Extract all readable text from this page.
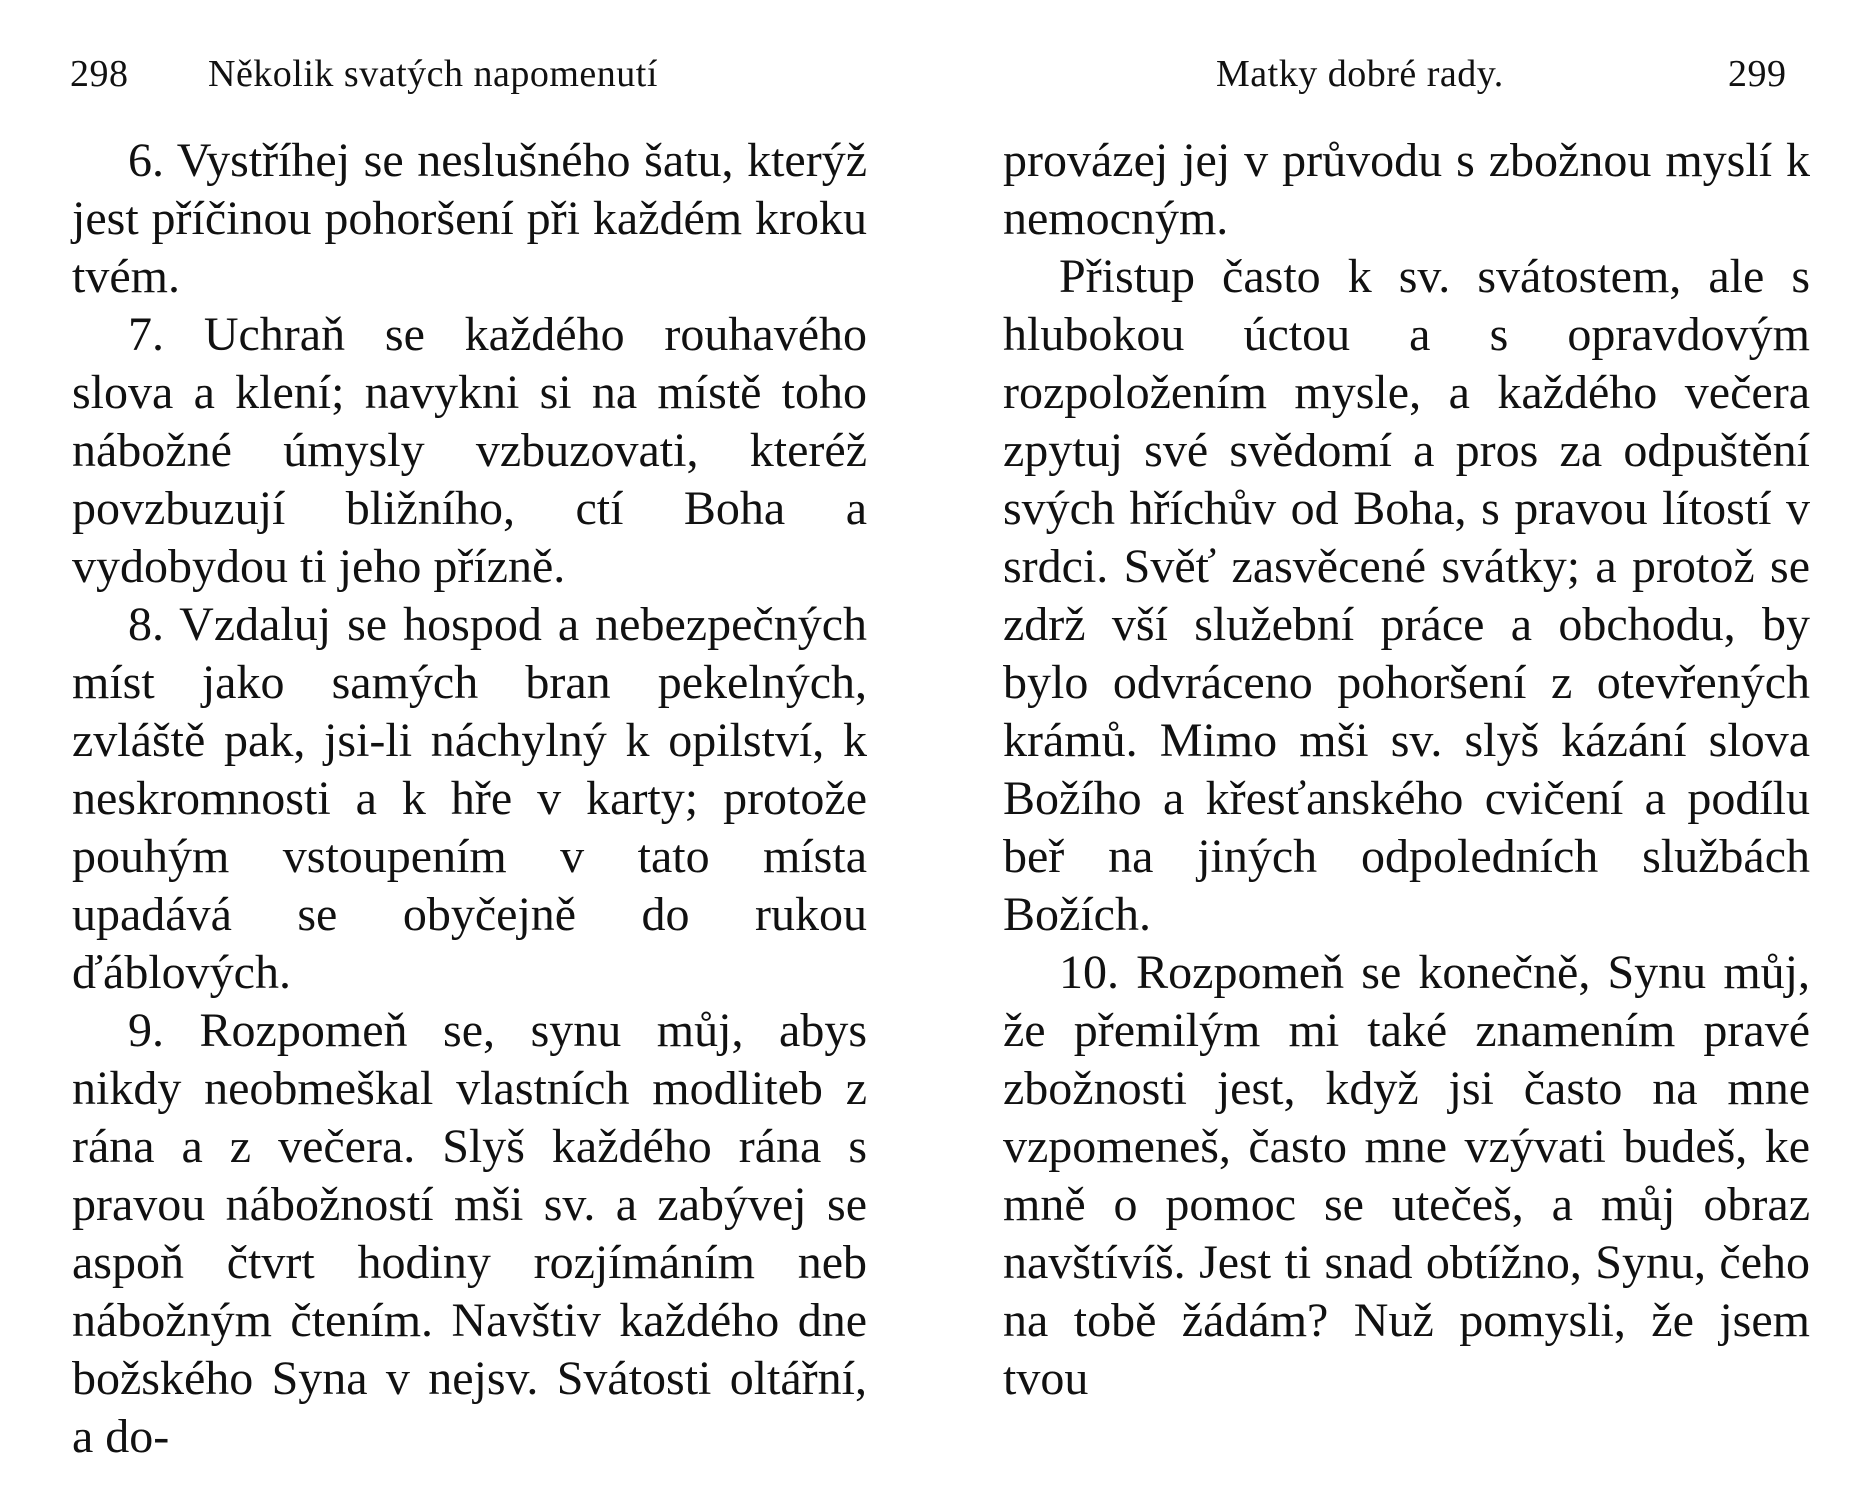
298 Několik svatých napomenutí

6. Vystříhej se neslušného šatu, kterýž jest příčinou pohoršení při každém kroku tvém.

7. Uchraň se každého rouhavého slova a klení; navykni si na místě toho nábožné úmysly vzbuzovati, kteréž povzbuzují bližního, ctí Boha a vydobydou ti jeho přízně.

8. Vzdaluj se hospod a nebezpečných míst jako samých bran pekelných, zvláště pak, jsi-li náchylný k opilství, k neskromnosti a k hře v karty; protože pouhým vstoupením v tato místa upadává se obyčejně do rukou ďáblových.

9. Rozpomeň se, synu můj, abys nikdy neobmeškal vlastních modliteb z rána a z večera. Slyš každého rána s pravou nábožností mši sv. a zabývej se aspoň čtvrt hodiny rozjímáním neb nábožným čtením. Navštiv každého dne božského Syna v nejsv. Svátosti oltářní, a do-

Matky dobré rady.	299

provázej jej v průvodu s zbožnou myslí k nemocným.

Přistup často k sv. svátostem, ale s hlubokou úctou a s opravdovým rozpoložením mysle, a každého večera zpytuj své svědomí a pros za odpuštění svých hříchův od Boha, s pravou lítostí v srdci. Svěť zasvěcené svátky; a protož se zdrž vší služební práce a obchodu, by bylo odvráceno pohoršení z otevřených krámů. Mimo mši sv. slyš kázání slova Božího a křesťanského cvičení a podílu beř na jiných odpoledních službách Božích.

10. Rozpomeň se konečně, Synu můj, že přemilým mi také znamením pravé zbožnosti jest, když jsi často na mne vzpomeneš, často mne vzývati budeš, ke mně o pomoc se utečeš, a můj obraz navštívíš. Jest ti snad obtížno, Synu, čeho na tobě žádám? Nuž pomysli, že jsem tvou
